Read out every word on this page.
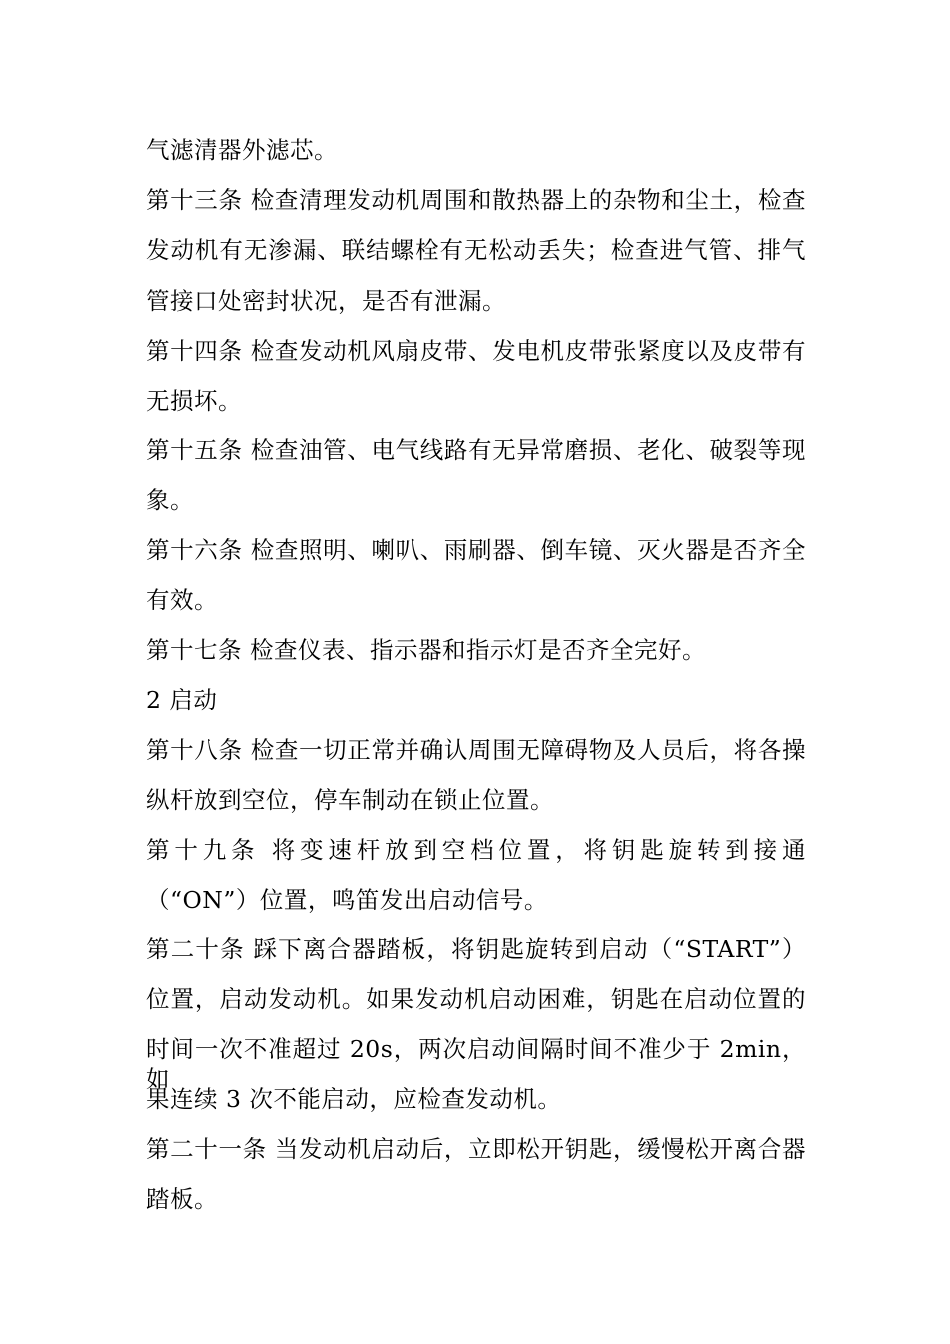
气滤清器外滤芯。
第十三条 检查清理发动机周围和散热器上的杂物和尘土，检查
发动机有无渗漏、联结螺栓有无松动丢失；检查进气管、排气
管接口处密封状况，是否有泄漏。
第十四条 检查发动机风扇皮带、发电机皮带张紧度以及皮带有
无损坏。
第十五条 检查油管、电气线路有无异常磨损、老化、破裂等现
象。
第十六条 检查照明、喇叭、雨刷器、倒车镜、灭火器是否齐全
有效。
第十七条 检查仪表、指示器和指示灯是否齐全完好。
2 启动
第十八条 检查一切正常并确认周围无障碍物及人员后，将各操
纵杆放到空位，停车制动在锁止位置。
第十九条 将变速杆放到空档位置，将钥匙旋转到接通
（“ON”）位置，鸣笛发出启动信号。
第二十条 踩下离合器踏板，将钥匙旋转到启动（“START”）
位置，启动发动机。如果发动机启动困难，钥匙在启动位置的
时间一次不准超过 20s，两次启动间隔时间不准少于 2min，如
果连续 3 次不能启动，应检查发动机。
第二十一条 当发动机启动后，立即松开钥匙，缓慢松开离合器
踏板。
